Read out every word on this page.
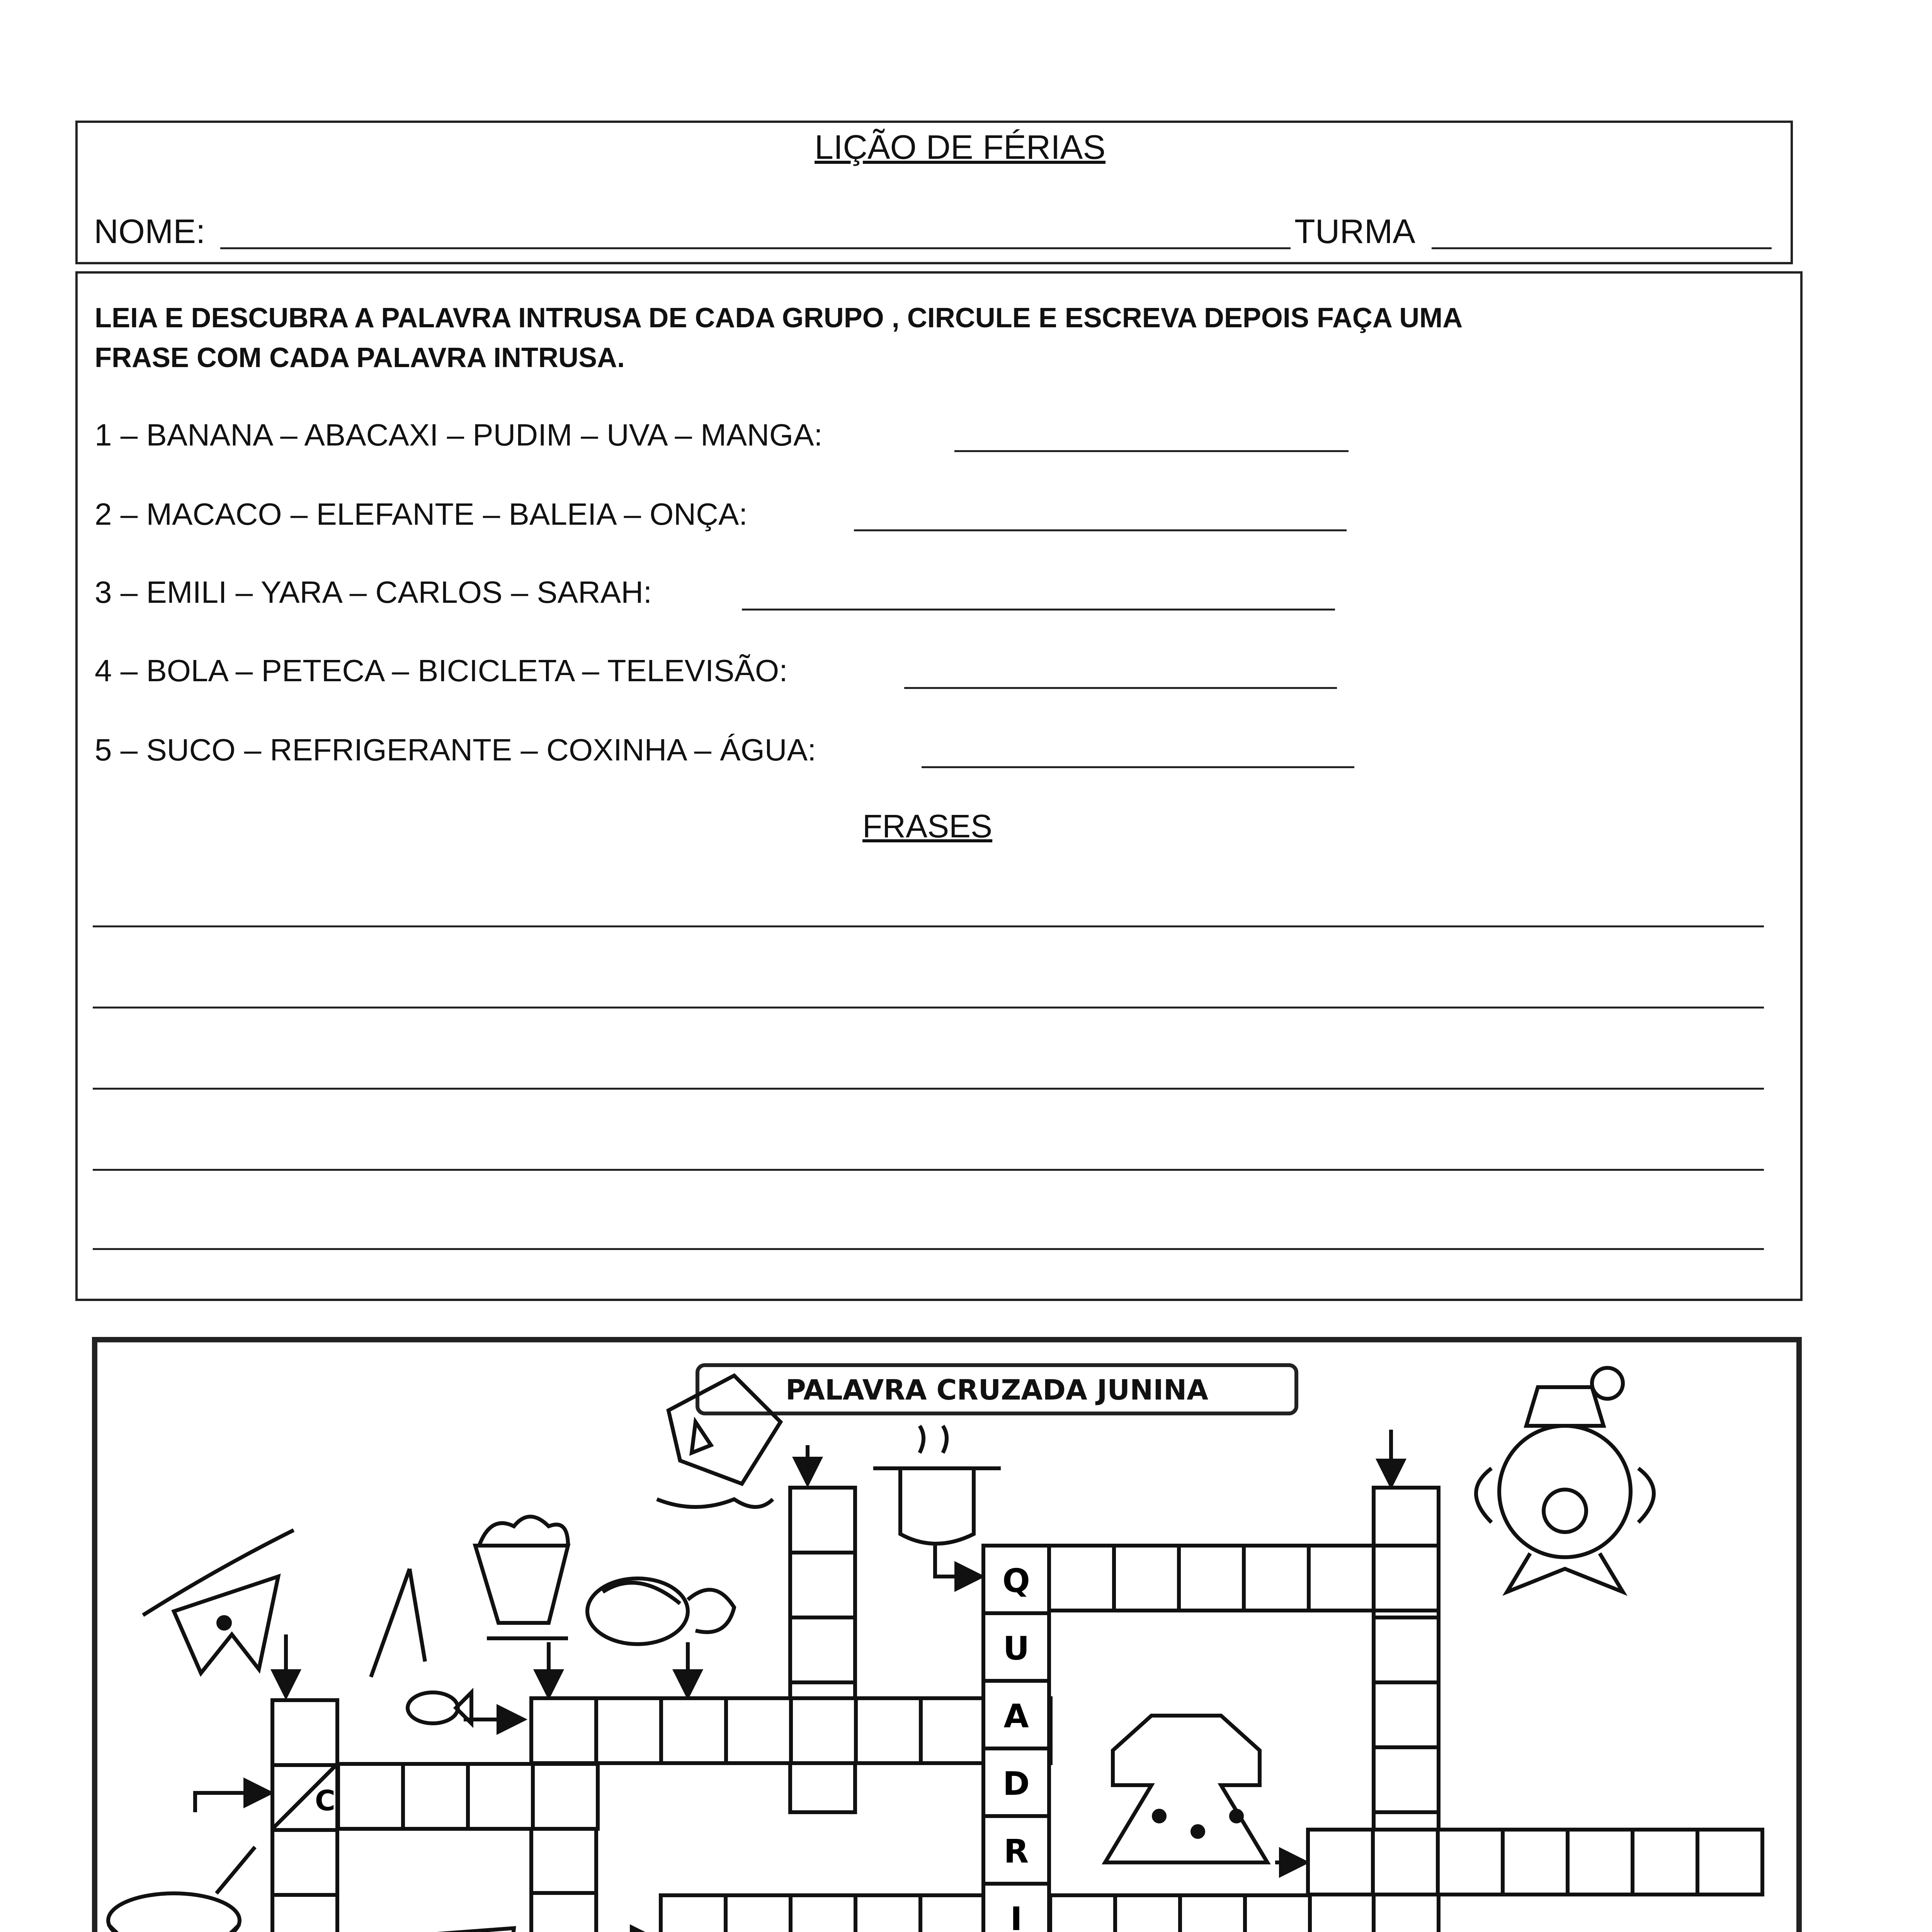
LIÇÃO DE FÉRIAS
NOME:	TURMA
LEIA E DESCUBRA A PALAVRA INTRUSA DE CADA GRUPO , CIRCULE E ESCREVA DEPOIS FAÇA UMA
FRASE COM CADA PALAVRA INTRUSA.
1 – BANANA – ABACAXI – PUDIM – UVA – MANGA:
2 – MACACO – ELEFANTE – BALEIA – ONÇA:
3 – EMILI – YARA – CARLOS – SARAH:
4 – BOLA – PETECA – BICICLETA – TELEVISÃO:
5 – SUCO – REFRIGERANTE – COXINHA – ÁGUA:
FRASES
PALAVRA CRUZADA JUNINA
Q
U
A
D
R
I
C
